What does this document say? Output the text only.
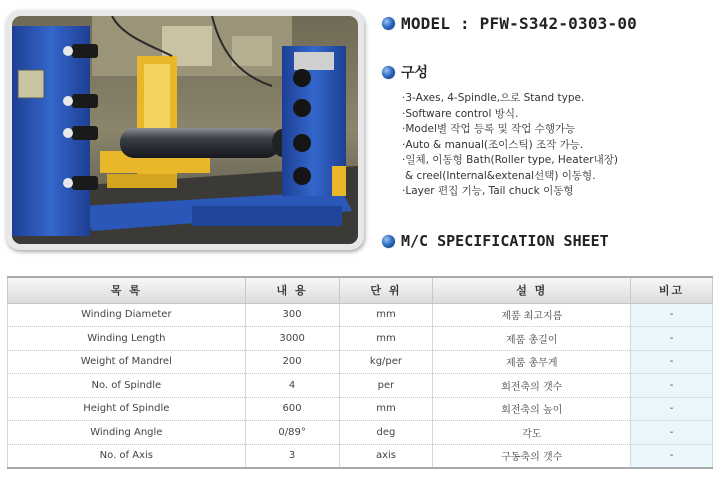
MODEL : PFW-S342-0303-00
구성
·3-Axes, 4-Spindle,으로 Stand type.
·Software control 방식.
·Model별 작업 등록 및 작업 수행가능
·Auto & manual(조이스틱) 조작 가능.
·일체, 이동형 Bath(Roller type, Heater내장)
& creel(Internal&extenal선택) 이동형.
·Layer 편집 기능, Tail chuck 이동형
M/C SPECIFICATION SHEET
목 록	내 용	단 위	설 명	비고
Winding Diameter	300	mm	제품 최고지름	-
Winding Length	3000	mm	제품 총길이	-
Weight of Mandrel	200	kg/per	제품 총무게	-
No. of Spindle	4	per	회전축의 갯수	-
Height of Spindle	600	mm	회전축의 높이	-
Winding Angle	0/89°	deg	각도	-
No. of Axis	3	axis	구동축의 갯수	-
